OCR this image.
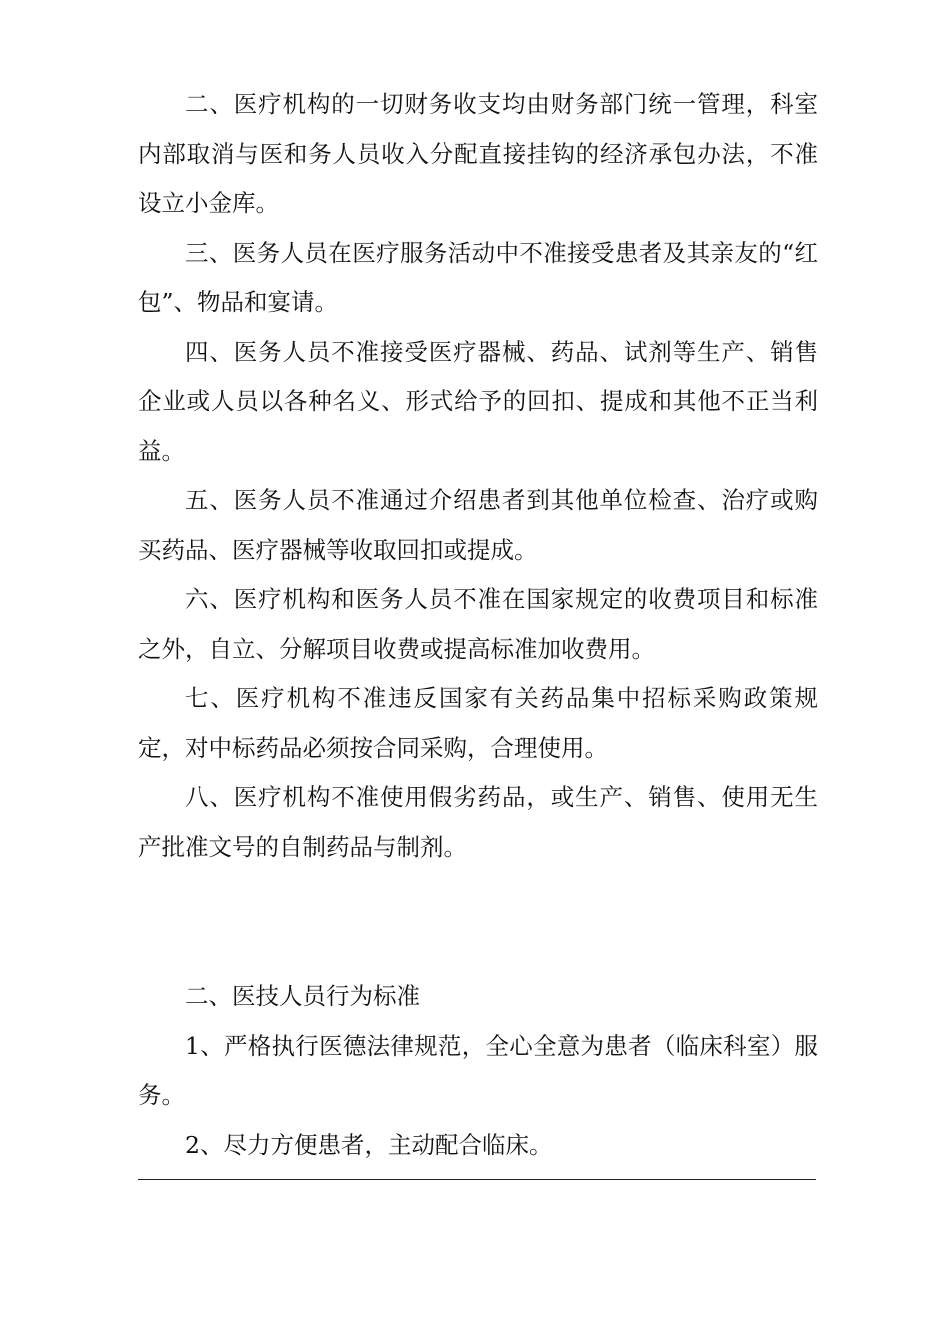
二、医疗机构的一切财务收支均由财务部门统一管理，科室内部取消与医和务人员收入分配直接挂钩的经济承包办法，不准设立小金库。

三、医务人员在医疗服务活动中不准接受患者及其亲友的“红包”、物品和宴请。

四、医务人员不准接受医疗器械、药品、试剂等生产、销售企业或人员以各种名义、形式给予的回扣、提成和其他不正当利益。

五、医务人员不准通过介绍患者到其他单位检查、治疗或购买药品、医疗器械等收取回扣或提成。

六、医疗机构和医务人员不准在国家规定的收费项目和标准之外，自立、分解项目收费或提高标准加收费用。

七、医疗机构不准违反国家有关药品集中招标采购政策规定，对中标药品必须按合同采购，合理使用。

八、医疗机构不准使用假劣药品，或生产、销售、使用无生产批准文号的自制药品与制剂。

二、医技人员行为标准

1、严格执行医德法律规范，全心全意为患者（临床科室）服务。

2、尽力方便患者，主动配合临床。
